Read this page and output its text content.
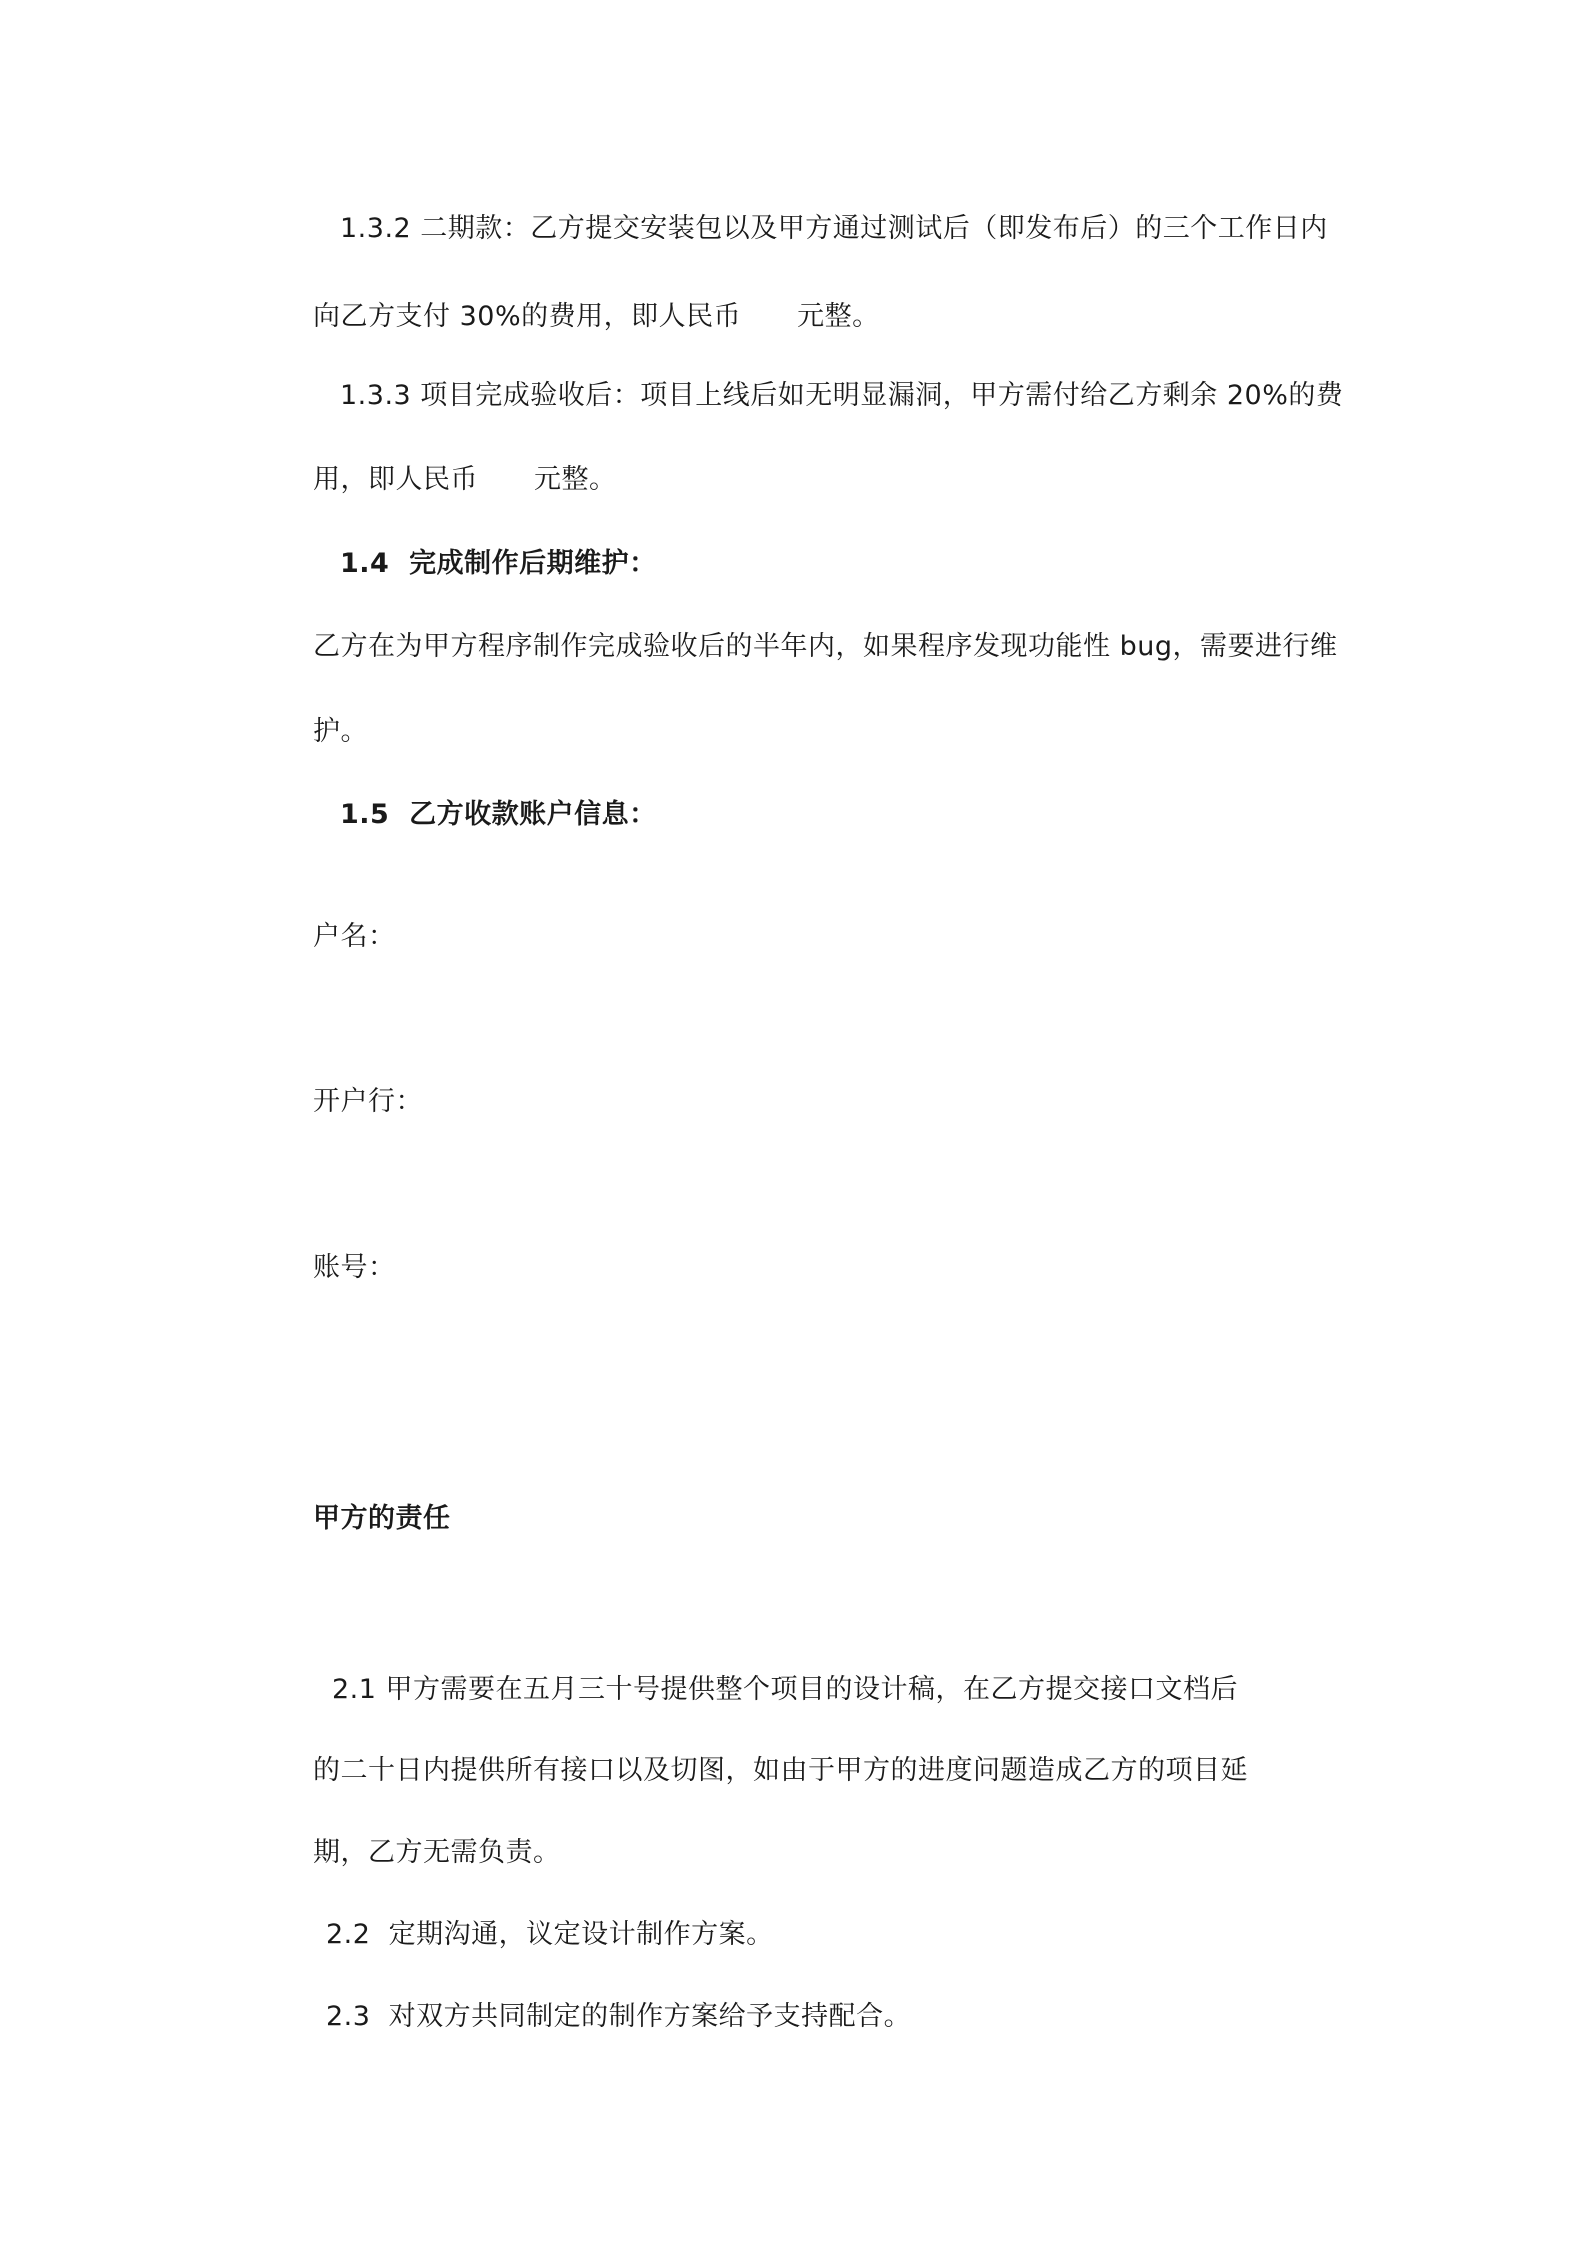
1.3.2 二期款：乙方提交安装包以及甲方通过测试后（即发布后）的三个工作日内
向乙方支付 30%的费用，即人民币 元整。
1.3.3 项目完成验收后：项目上线后如无明显漏洞，甲方需付给乙方剩余 20%的费
用，即人民币 元整。
1.4  完成制作后期维护：
乙方在为甲方程序制作完成验收后的半年内，如果程序发现功能性 bug，需要进行维
护。
1.5  乙方收款账户信息：
户名：
开户行：
账号：
甲方的责任
2.1 甲方需要在五月三十号提供整个项目的设计稿，在乙方提交接口文档后
的二十日内提供所有接口以及切图，如由于甲方的进度问题造成乙方的项目延
期，乙方无需负责。
2.2  定期沟通，议定设计制作方案。
2.3  对双方共同制定的制作方案给予支持配合。
